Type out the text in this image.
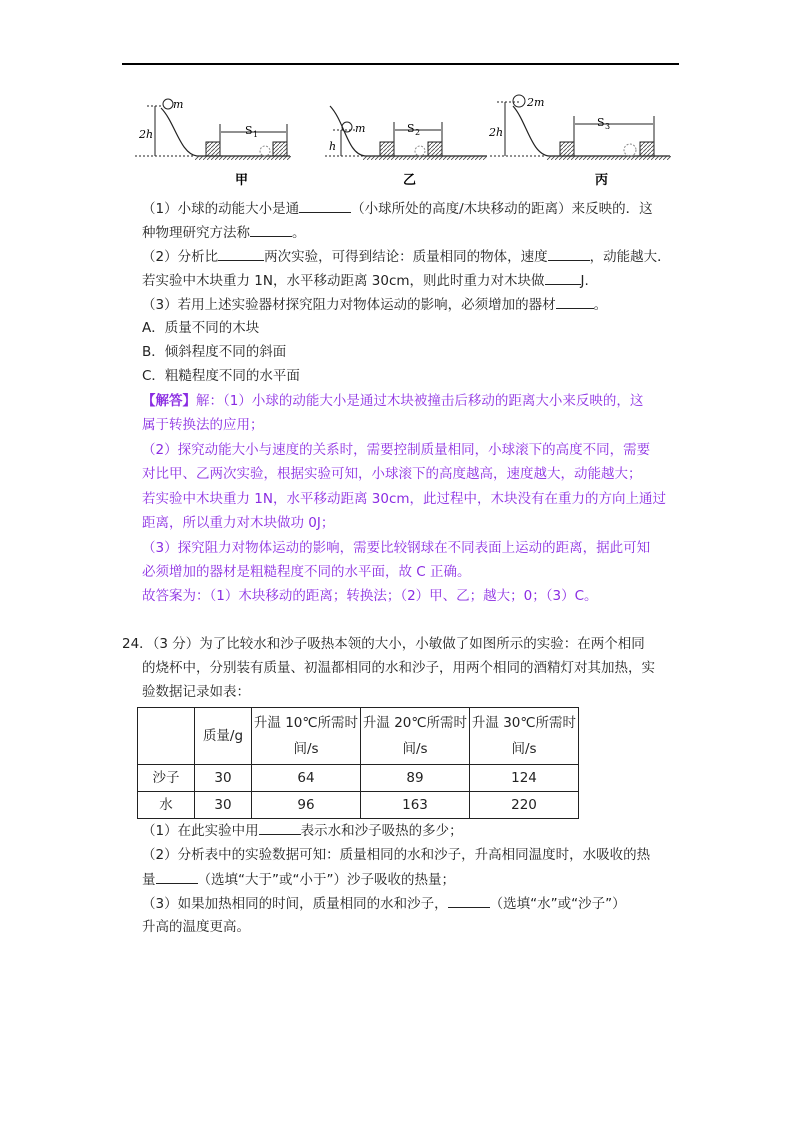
m
2h	S 1
甲
m
h
S 2
乙
2m
2h
S 3
丙
（1）小球的动能大小是通	（小球所处的高度/木块移动的距离）来反映的．这
种物理研究方法称	。
（2）分析比	两次实验，可得到结论：质量相同的物体，速度	，动能越大．
若实验中木块重力 1N，水平移动距离 30cm，则此时重力对木块做	J.
（3）若用上述实验器材探究阻力对物体运动的影响，必须增加的器材	。
A．质量不同的木块
B．倾斜程度不同的斜面
C．粗糙程度不同的水平面
【解答】解：（1）小球的动能大小是通过木块被撞击后移动的距离大小来反映的，这
属于转换法的应用；
（2）探究动能大小与速度的关系时，需要控制质量相同，小球滚下的高度不同，需要
对比甲、乙两次实验，根据实验可知，小球滚下的高度越高，速度越大，动能越大；
若实验中木块重力 1N，水平移动距离 30cm，此过程中，木块没有在重力的方向上通过
距离，所以重力对木块做功 0J；
（3）探究阻力对物体运动的影响，需要比较钢球在不同表面上运动的距离，据此可知
必须增加的器材是粗糙程度不同的水平面，故 C 正确。
故答案为：（1）木块移动的距离；转换法；（2）甲、乙；越大；0；（3）C。
24．（3 分）为了比较水和沙子吸热本领的大小，小敏做了如图所示的实验：在两个相同
的烧杯中，分别装有质量、初温都相同的水和沙子，用两个相同的酒精灯对其加热，实
验数据记录如表：
	质量/g	升温 10℃所需时间/s	升温 20℃所需时间/s	升温 30℃所需时间/s
沙子	30	64	89	124
水	30	96	163	220
（1）在此实验中用	表示水和沙子吸热的多少；
（2）分析表中的实验数据可知：质量相同的水和沙子，升高相同温度时，水吸收的热
量	（选填“大于”或“小于”）沙子吸收的热量；
（3）如果加热相同的时间，质量相同的水和沙子，	（选填“水”或“沙子”）
升高的温度更高。
